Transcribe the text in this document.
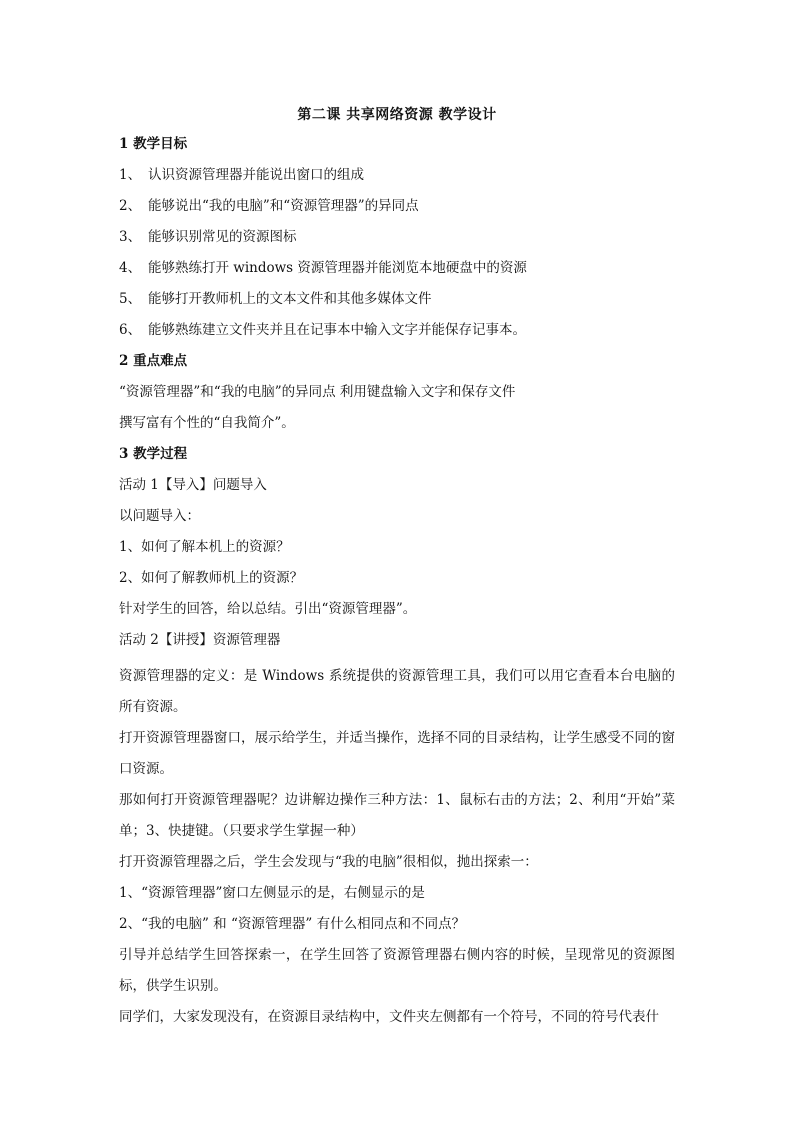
第二课 共享网络资源 教学设计
1 教学目标
1、 认识资源管理器并能说出窗口的组成
2、 能够说出“我的电脑”和“资源管理器”的异同点
3、 能够识别常见的资源图标
4、 能够熟练打开 windows 资源管理器并能浏览本地硬盘中的资源
5、 能够打开教师机上的文本文件和其他多媒体文件
6、 能够熟练建立文件夹并且在记事本中输入文字并能保存记事本。
2 重点难点
“资源管理器”和“我的电脑”的异同点 利用键盘输入文字和保存文件
撰写富有个性的“自我简介”。
3 教学过程
活动 1【导入】问题导入
以问题导入：
1、如何了解本机上的资源？
2、如何了解教师机上的资源？
针对学生的回答，给以总结。引出“资源管理器”。
活动 2【讲授】资源管理器
资源管理器的定义：是 Windows 系统提供的资源管理工具，我们可以用它查看本台电脑的所有资源。
打开资源管理器窗口，展示给学生，并适当操作，选择不同的目录结构，让学生感受不同的窗口资源。
那如何打开资源管理器呢？边讲解边操作三种方法：1、鼠标右击的方法；2、利用“开始”菜单；3、快捷键。（只要求学生掌握一种）
打开资源管理器之后，学生会发现与“我的电脑”很相似，抛出探索一：
1、“资源管理器”窗口左侧显示的是，右侧显示的是
2、“我的电脑” 和 “资源管理器” 有什么相同点和不同点？
引导并总结学生回答探索一，在学生回答了资源管理器右侧内容的时候，呈现常见的资源图标，供学生识别。
同学们，大家发现没有，在资源目录结构中，文件夹左侧都有一个符号，不同的符号代表什
